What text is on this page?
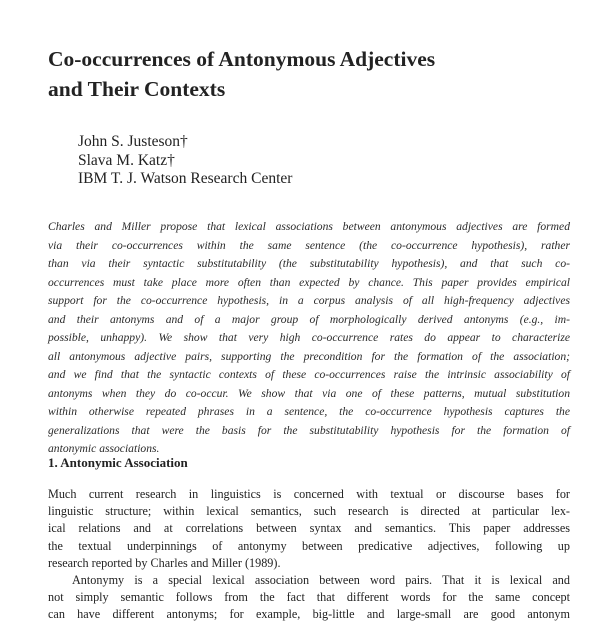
Co-occurrences of Antonymous Adjectives
and Their Contexts
John S. Justeson†
Slava M. Katz†
IBM T. J. Watson Research Center
Charles and Miller propose that lexical associations between antonymous adjectives are formed
via their co-occurrences within the same sentence (the co-occurrence hypothesis), rather
than via their syntactic substitutability (the substitutability hypothesis), and that such co-
occurrences must take place more often than expected by chance. This paper provides empirical
support for the co-occurrence hypothesis, in a corpus analysis of all high-frequency adjectives
and their antonyms and of a major group of morphologically derived antonyms (e.g., im-
possible, unhappy). We show that very high co-occurrence rates do appear to characterize
all antonymous adjective pairs, supporting the precondition for the formation of the association;
and we find that the syntactic contexts of these co-occurrences raise the intrinsic associability of
antonyms when they do co-occur. We show that via one of these patterns, mutual substitution
within otherwise repeated phrases in a sentence, the co-occurrence hypothesis captures the
generalizations that were the basis for the substitutability hypothesis for the formation of
antonymic associations.
1. Antonymic Association
Much current research in linguistics is concerned with textual or discourse bases for
linguistic structure; within lexical semantics, such research is directed at particular lex-
ical relations and at correlations between syntax and semantics. This paper addresses
the textual underpinnings of antonymy between predicative adjectives, following up
research reported by Charles and Miller (1989).
Antonymy is a special lexical association between word pairs. That it is lexical and
not simply semantic follows from the fact that different words for the same concept
can have different antonyms; for example, big-little and large-small are good antonym
